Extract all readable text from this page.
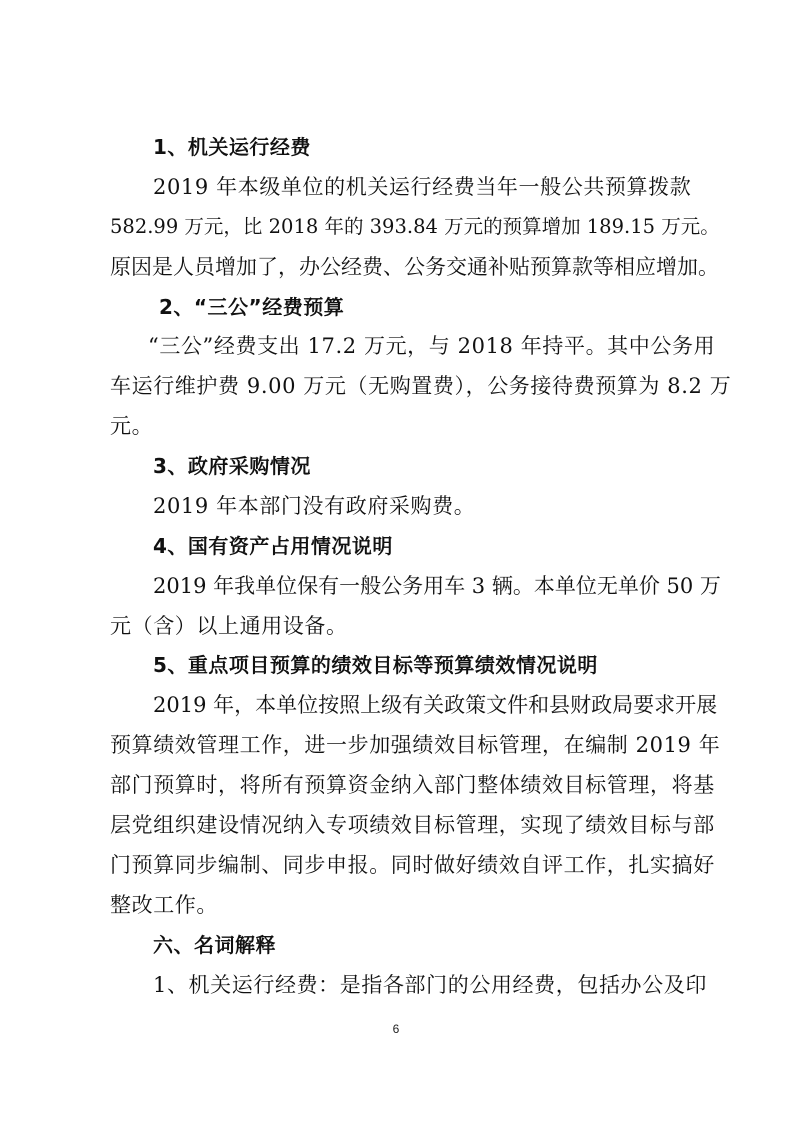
1、机关运行经费
2019 年本级单位的机关运行经费当年一般公共预算拨款
582.99 万元，比 2018 年的 393.84 万元的预算增加 189.15 万元。
原因是人员增加了，办公经费、公务交通补贴预算款等相应增加。
2、“三公”经费预算
“三公”经费支出 17.2 万元，与 2018 年持平。其中公务用
车运行维护费 9.00 万元（无购置费），公务接待费预算为 8.2 万
元。
3、政府采购情况
2019 年本部门没有政府采购费。
4、国有资产占用情况说明
2019 年我单位保有一般公务用车 3 辆。本单位无单价 50 万
元（含）以上通用设备。
5、重点项目预算的绩效目标等预算绩效情况说明
2019 年，本单位按照上级有关政策文件和县财政局要求开展
预算绩效管理工作，进一步加强绩效目标管理，在编制 2019 年
部门预算时，将所有预算资金纳入部门整体绩效目标管理，将基
层党组织建设情况纳入专项绩效目标管理，实现了绩效目标与部
门预算同步编制、同步申报。同时做好绩效自评工作，扎实搞好
整改工作。
六、名词解释
1、机关运行经费：是指各部门的公用经费，包括办公及印
6
